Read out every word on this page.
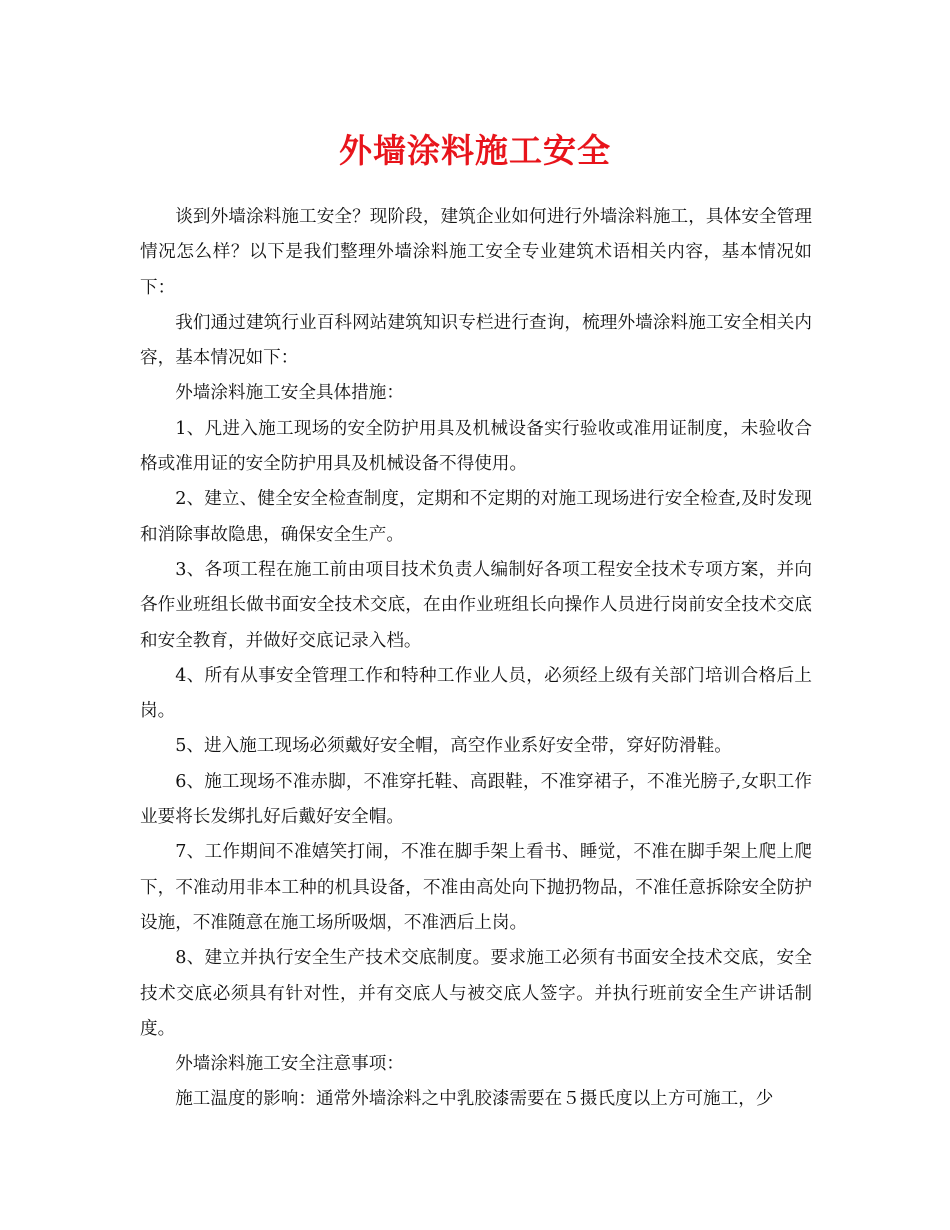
外墙涂料施工安全

谈到外墙涂料施工安全？现阶段，建筑企业如何进行外墙涂料施工，具体安全管理情况怎么样？以下是我们整理外墙涂料施工安全专业建筑术语相关内容，基本情况如下：

我们通过建筑行业百科网站建筑知识专栏进行查询，梳理外墙涂料施工安全相关内容，基本情况如下：

外墙涂料施工安全具体措施：

1、凡进入施工现场的安全防护用具及机械设备实行验收或准用证制度，未验收合格或准用证的安全防护用具及机械设备不得使用。

2、建立、健全安全检查制度，定期和不定期的对施工现场进行安全检查,及时发现和消除事故隐患，确保安全生产。

3、各项工程在施工前由项目技术负责人编制好各项工程安全技术专项方案，并向各作业班组长做书面安全技术交底，在由作业班组长向操作人员进行岗前安全技术交底和安全教育，并做好交底记录入档。

4、所有从事安全管理工作和特种工作业人员，必须经上级有关部门培训合格后上岗。

5、进入施工现场必须戴好安全帽，高空作业系好安全带，穿好防滑鞋。

6、施工现场不准赤脚，不准穿托鞋、高跟鞋，不准穿裙子，不准光膀子,女职工作业要将长发绑扎好后戴好安全帽。

7、工作期间不准嬉笑打闹，不准在脚手架上看书、睡觉，不准在脚手架上爬上爬下，不准动用非本工种的机具设备，不准由高处向下抛扔物品，不准任意拆除安全防护设施，不准随意在施工场所吸烟，不准洒后上岗。

8、建立并执行安全生产技术交底制度。要求施工必须有书面安全技术交底，安全技术交底必须具有针对性，并有交底人与被交底人签字。并执行班前安全生产讲话制度。

外墙涂料施工安全注意事项：

施工温度的影响：通常外墙涂料之中乳胶漆需要在５摄氏度以上方可施工，少
